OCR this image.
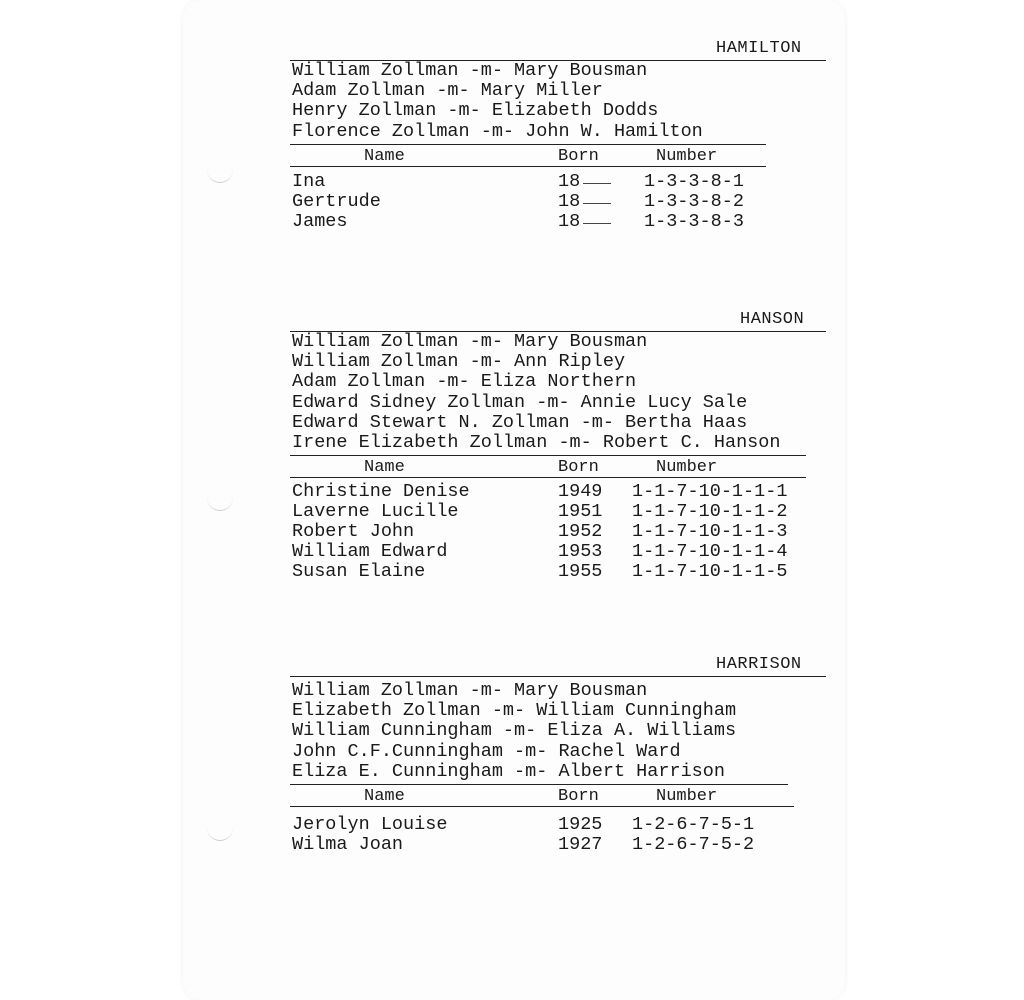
HAMILTON
William Zollman -m- Mary Bousman
Adam Zollman -m- Mary Miller
Henry Zollman -m- Elizabeth Dodds
Florence Zollman -m- John W. Hamilton
Name	Born	Number
Ina	18	1-3-3-8-1
Gertrude	18	1-3-3-8-2
James	18	1-3-3-8-3
HANSON
William Zollman -m- Mary Bousman
William Zollman -m- Ann Ripley
Adam Zollman -m- Eliza Northern
Edward Sidney Zollman -m- Annie Lucy Sale
Edward Stewart N. Zollman -m- Bertha Haas
Irene Elizabeth Zollman -m- Robert C. Hanson
Name	Born	Number
Christine Denise	1949 1-1-7-10-1-1-1
Laverne Lucille	1951 1-1-7-10-1-1-2
Robert John	1952 1-1-7-10-1-1-3
William Edward	1953 1-1-7-10-1-1-4
Susan Elaine	1955 1-1-7-10-1-1-5
HARRISON
William Zollman -m- Mary Bousman
Elizabeth Zollman -m- William Cunningham
William Cunningham -m- Eliza A. Williams
John C.F.Cunningham -m- Rachel Ward
Eliza E. Cunningham -m- Albert Harrison
Name	Born	Number
Jerolyn Louise	1925 1-2-6-7-5-1
Wilma Joan	1927 1-2-6-7-5-2
